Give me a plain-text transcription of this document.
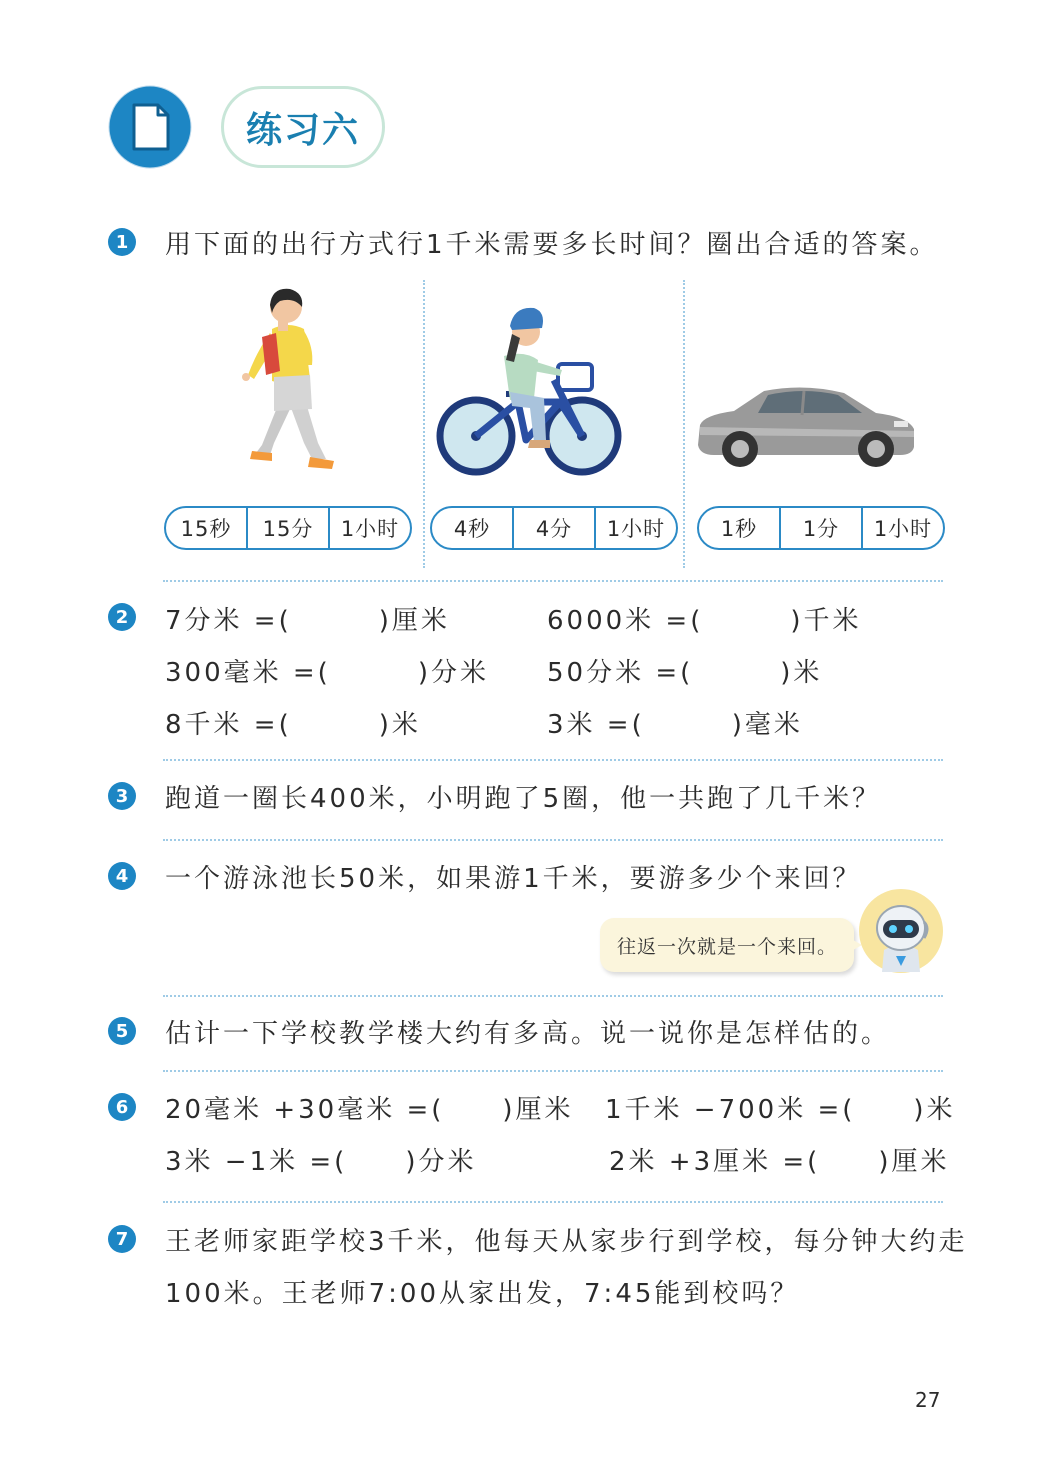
练习六
1 用下面的出行方式行1千米需要多长时间？圈出合适的答案。
15秒	15分	1小时	4秒	4分	1小时	1秒	1分	1小时
2 7分米 =(　　　)厘米	6000米 =(　　　)千米
300毫米 =(　　　)分米 50分米 =(　　　)米
8千米 =(　　　)米	3米 =(　　　)毫米
3 跑道一圈长400米，小明跑了5圈，他一共跑了几千米？
4 一个游泳池长50米，如果游1千米，要游多少个来回？
往返一次就是一个来回。
5 估计一下学校教学楼大约有多高。说一说你是怎样估的。
6 20毫米 +30毫米 =(　　)厘米 1千米 −700米 =(　　)米
3米 −1米 =(　　)分米	2米 +3厘米 =(　　)厘米
7 王老师家距学校3千米，他每天从家步行到学校，每分钟大约走
100米。王老师7:00从家出发，7:45能到校吗？
27
